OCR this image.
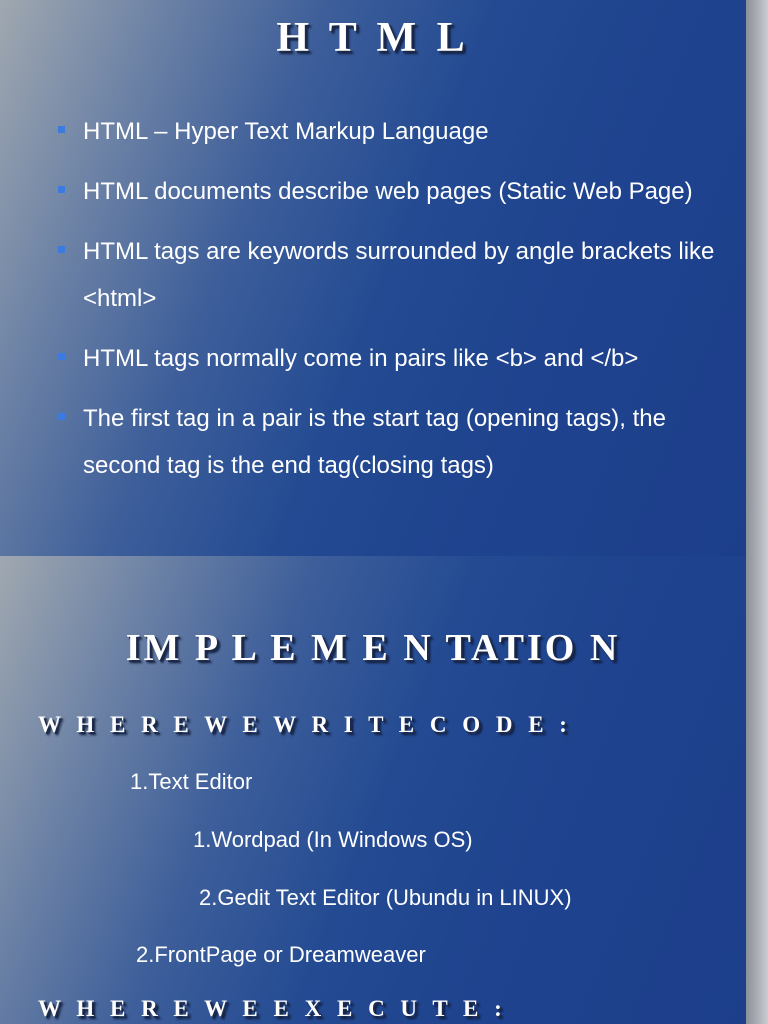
H T M L
HTML – Hyper Text Markup Language
HTML documents describe web pages (Static Web Page)
HTML tags are keywords surrounded by angle brackets like <html>
HTML tags normally come in pairs like <b> and </b>
The first tag in a pair is the start tag (opening tags), the second tag is the end tag(closing tags)
IM P L E M E N TATIO N
W H E R E W E W R I T E C O D E :
1.Text Editor
1.Wordpad (In Windows OS)
2.Gedit Text Editor (Ubundu in LINUX)
2.FrontPage or Dreamweaver
W H E R E W E E X E C U T E :
